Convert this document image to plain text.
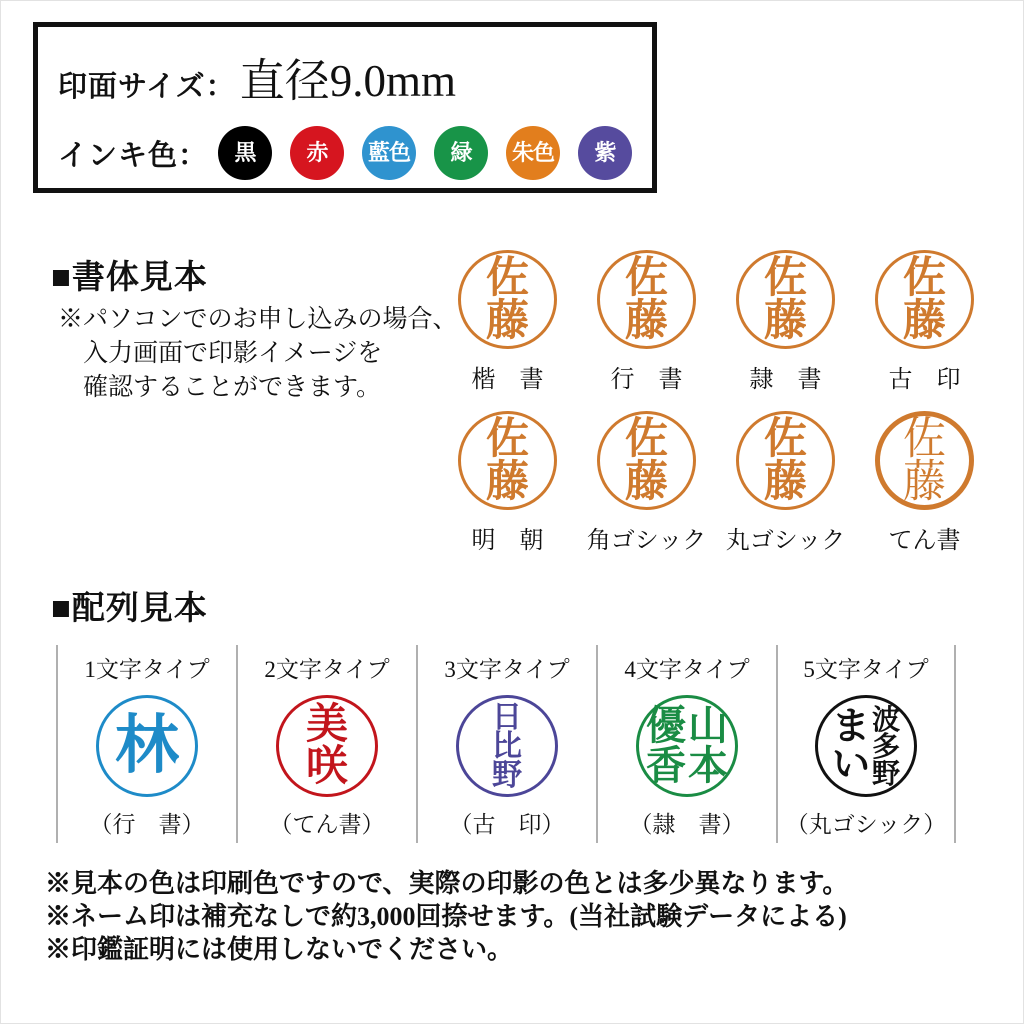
印面サイズ： 直径9.0mm
インキ色：	黒	赤	藍色	緑	朱色	紫
■書体見本
※パソコンでのお申し込みの場合、
入力画面で印影イメージを
確認することができます。
佐
藤
楷　書
佐
藤
行　書
佐
藤
隷　書
佐
藤
古　印
佐
藤
明　朝
佐
藤
角ゴシック
佐
藤
丸ゴシック
佐
藤
てん書
■配列見本
1文字タイプ
林
（行　書）
2文字タイプ
美
咲
（てん書）
3文字タイプ
日
比
野
（古　印）
4文字タイプ
優 山
香 本
（隷　書）
5文字タイプ
ま
い
波
多
野
（丸ゴシック）
※見本の色は印刷色ですので、実際の印影の色とは多少異なります。
※ネーム印は補充なしで約3,000回捺せます。(当社試験データによる)
※印鑑証明には使用しないでください。
